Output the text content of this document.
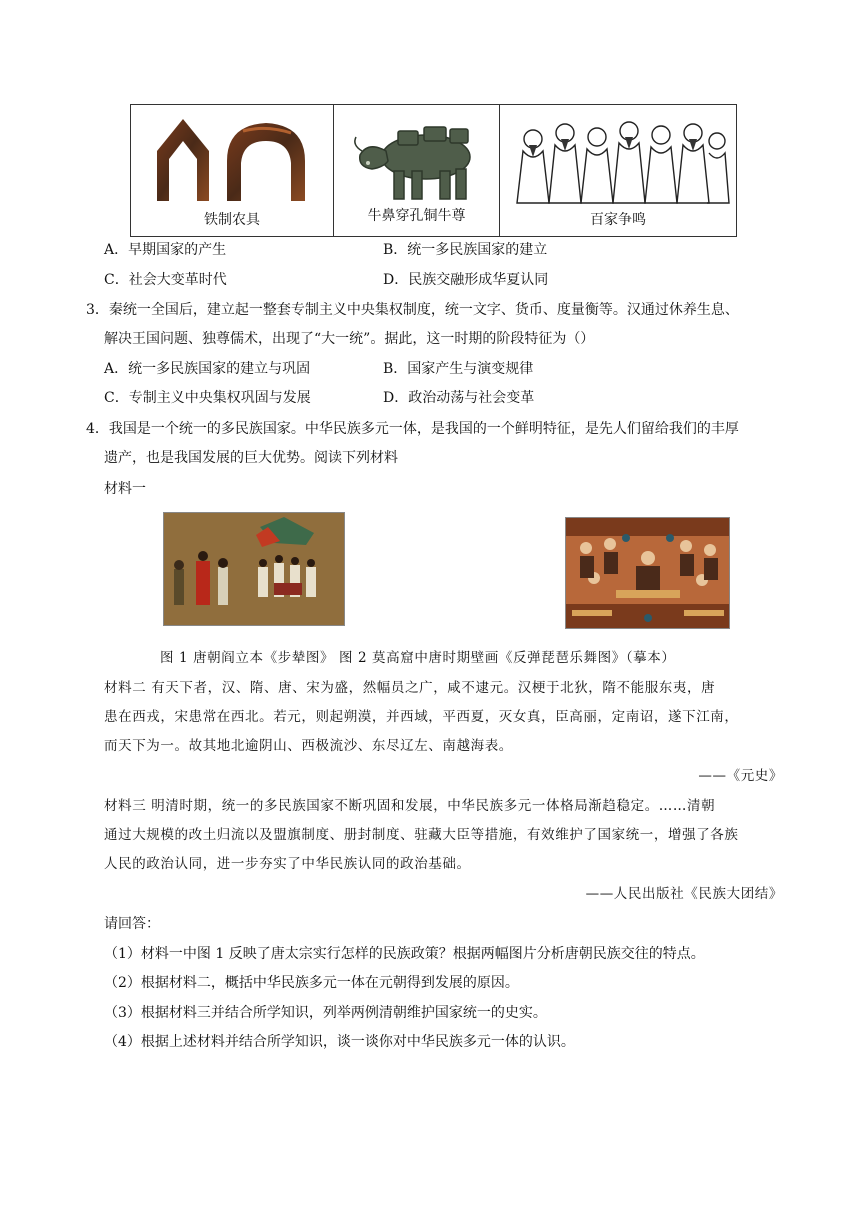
铁制农具	牛鼻穿孔铜牛尊	百家争鸣
A．早期国家的产生	B．统一多民族国家的建立
C．社会大变革时代	D．民族交融形成华夏认同
3．秦统一全国后，建立起一整套专制主义中央集权制度，统一文字、货币、度量衡等。汉通过休养生息、
解决王国问题、独尊儒术，出现了“大一统”。据此，这一时期的阶段特征为（）
A．统一多民族国家的建立与巩固	B．国家产生与演变规律
C．专制主义中央集权巩固与发展	D．政治动荡与社会变革
4．我国是一个统一的多民族国家。中华民族多元一体，是我国的一个鲜明特征，是先人们留给我们的丰厚
遗产，也是我国发展的巨大优势。阅读下列材料
材料一
图 1 唐朝阎立本《步辇图》 图 2 莫高窟中唐时期壁画《反弹琵琶乐舞图》（摹本）
材料二 有天下者，汉、隋、唐、宋为盛，然幅员之广，咸不逮元。汉梗于北狄，隋不能服东夷，唐
患在西戎，宋患常在西北。若元，则起朔漠，并西域，平西夏，灭女真，臣高丽，定南诏，遂下江南，
而天下为一。故其地北逾阴山、西极流沙、东尽辽左、南越海表。
——《元史》
材料三 明清时期，统一的多民族国家不断巩固和发展，中华民族多元一体格局渐趋稳定。……清朝
通过大规模的改土归流以及盟旗制度、册封制度、驻藏大臣等措施，有效维护了国家统一，增强了各族
人民的政治认同，进一步夯实了中华民族认同的政治基础。
——人民出版社《民族大团结》
请回答：
（1）材料一中图 1 反映了唐太宗实行怎样的民族政策？根据两幅图片分析唐朝民族交往的特点。
（2）根据材料二，概括中华民族多元一体在元朝得到发展的原因。
（3）根据材料三并结合所学知识，列举两例清朝维护国家统一的史实。
（4）根据上述材料并结合所学知识，谈一谈你对中华民族多元一体的认识。
